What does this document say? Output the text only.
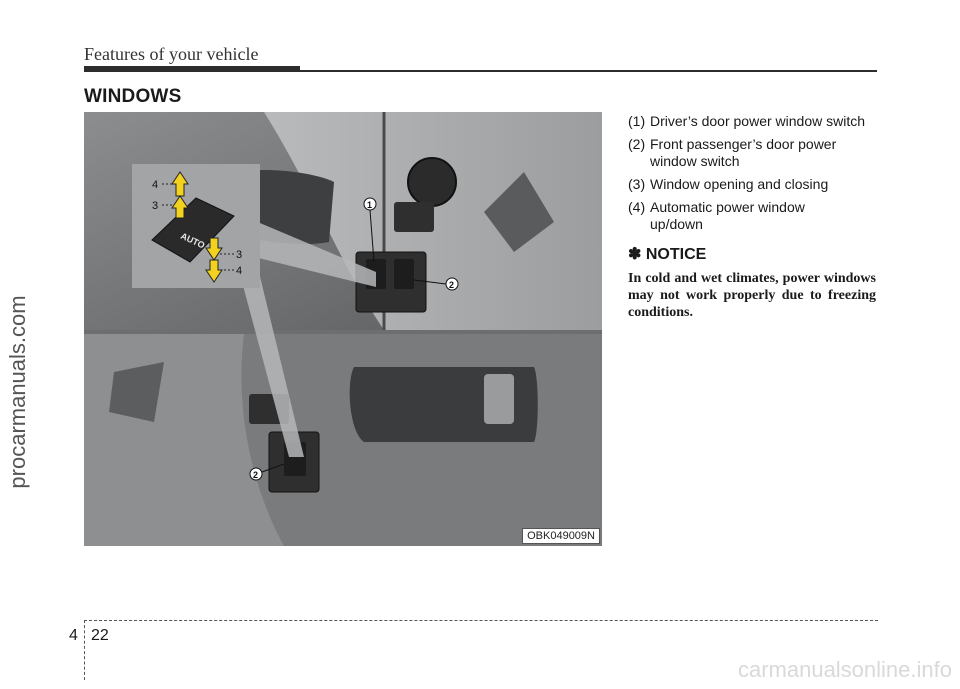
Features of your vehicle
WINDOWS
AUTO
4
3
3
4
1
2
2
OBK049009N
(1) Driver’s door power window switch
(2) Front passenger’s door power
window switch
(3) Window opening and closing
(4) Automatic power window
up/down
✽ NOTICE
In cold and wet climates, power windows may not work properly due to freezing conditions.
4 22
procarmanuals.com
carmanualsonline.info
